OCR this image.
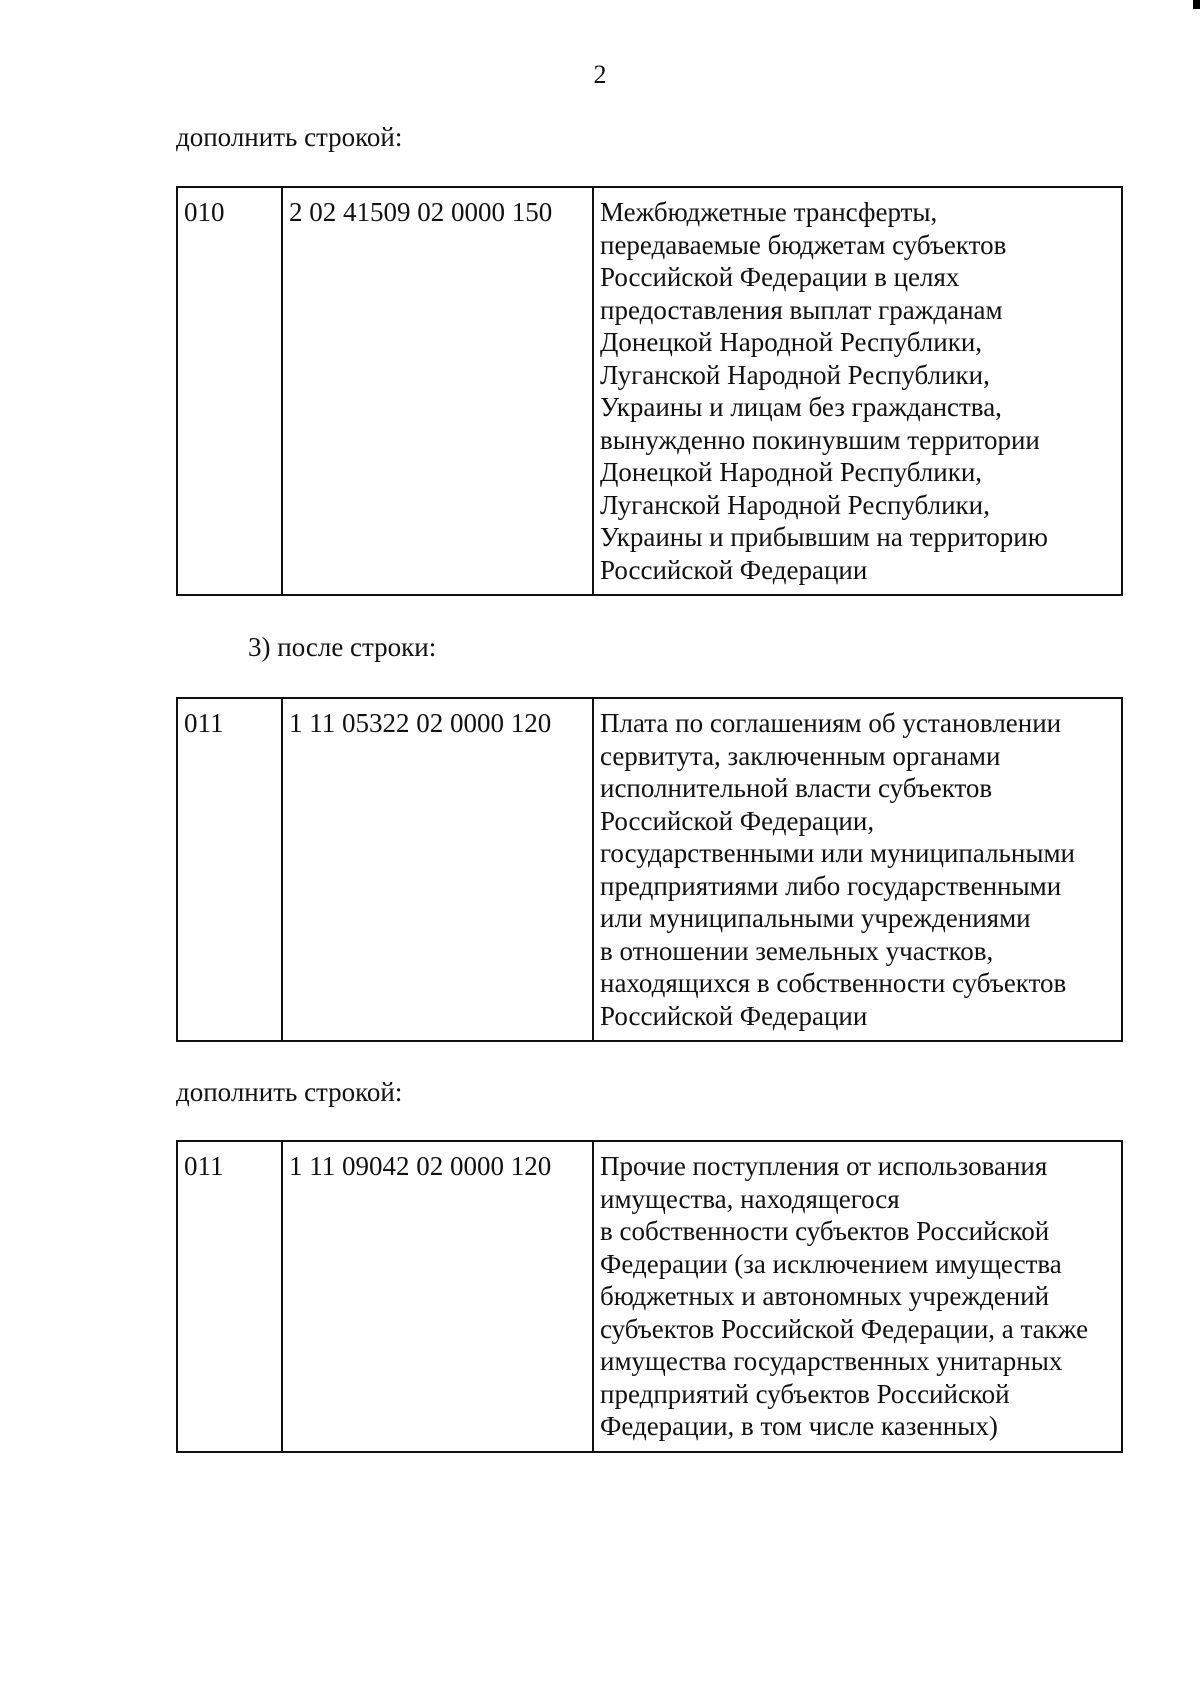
2
дополнить строкой:
010	2 02 41509 02 0000 150	Межбюджетные трансферты,
передаваемые бюджетам субъектов
Российской Федерации в целях
предоставления выплат гражданам
Донецкой Народной Республики,
Луганской Народной Республики,
Украины и лицам без гражданства,
вынужденно покинувшим территории
Донецкой Народной Республики,
Луганской Народной Республики,
Украины и прибывшим на территорию
Российской Федерации
3) после строки:
011	1 11 05322 02 0000 120	Плата по соглашениям об установлении
сервитута, заключенным органами
исполнительной власти субъектов
Российской Федерации,
государственными или муниципальными
предприятиями либо государственными
или муниципальными учреждениями
в отношении земельных участков,
находящихся в собственности субъектов
Российской Федерации
дополнить строкой:
011	1 11 09042 02 0000 120	Прочие поступления от использования
имущества, находящегося
в собственности субъектов Российской
Федерации (за исключением имущества
бюджетных и автономных учреждений
субъектов Российской Федерации, а также
имущества государственных унитарных
предприятий субъектов Российской
Федерации, в том числе казенных)
